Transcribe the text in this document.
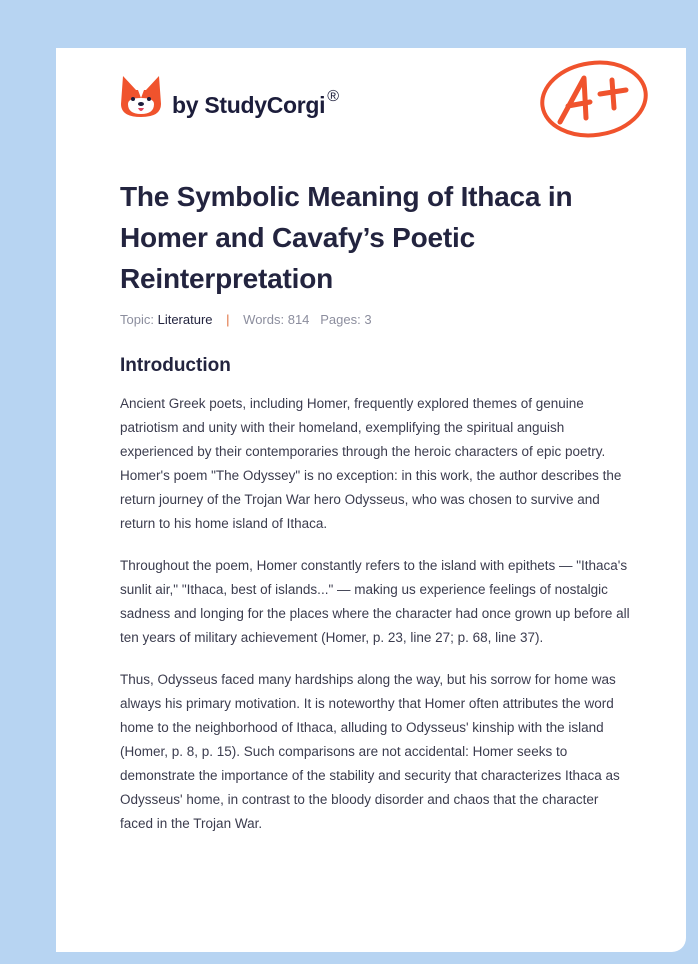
by StudyCorgi ®
The Symbolic Meaning of Ithaca in Homer and Cavafy’s Poetic Reinterpretation
Topic: Literature | Words: 814 Pages: 3
Introduction

Ancient Greek poets, including Homer, frequently explored themes of genuine patriotism and unity with their homeland, exemplifying the spiritual anguish experienced by their contemporaries through the heroic characters of epic poetry. Homer's poem "The Odyssey" is no exception: in this work, the author describes the return journey of the Trojan War hero Odysseus, who was chosen to survive and return to his home island of Ithaca.

Throughout the poem, Homer constantly refers to the island with epithets — "Ithaca's sunlit air," "Ithaca, best of islands..." — making us experience feelings of nostalgic sadness and longing for the places where the character had once grown up before all ten years of military achievement (Homer, p. 23, line 27; p. 68, line 37).

Thus, Odysseus faced many hardships along the way, but his sorrow for home was always his primary motivation. It is noteworthy that Homer often attributes the word home to the neighborhood of Ithaca, alluding to Odysseus' kinship with the island (Homer, p. 8, p. 15). Such comparisons are not accidental: Homer seeks to demonstrate the importance of the stability and security that characterizes Ithaca as Odysseus' home, in contrast to the bloody disorder and chaos that the character faced in the Trojan War.
